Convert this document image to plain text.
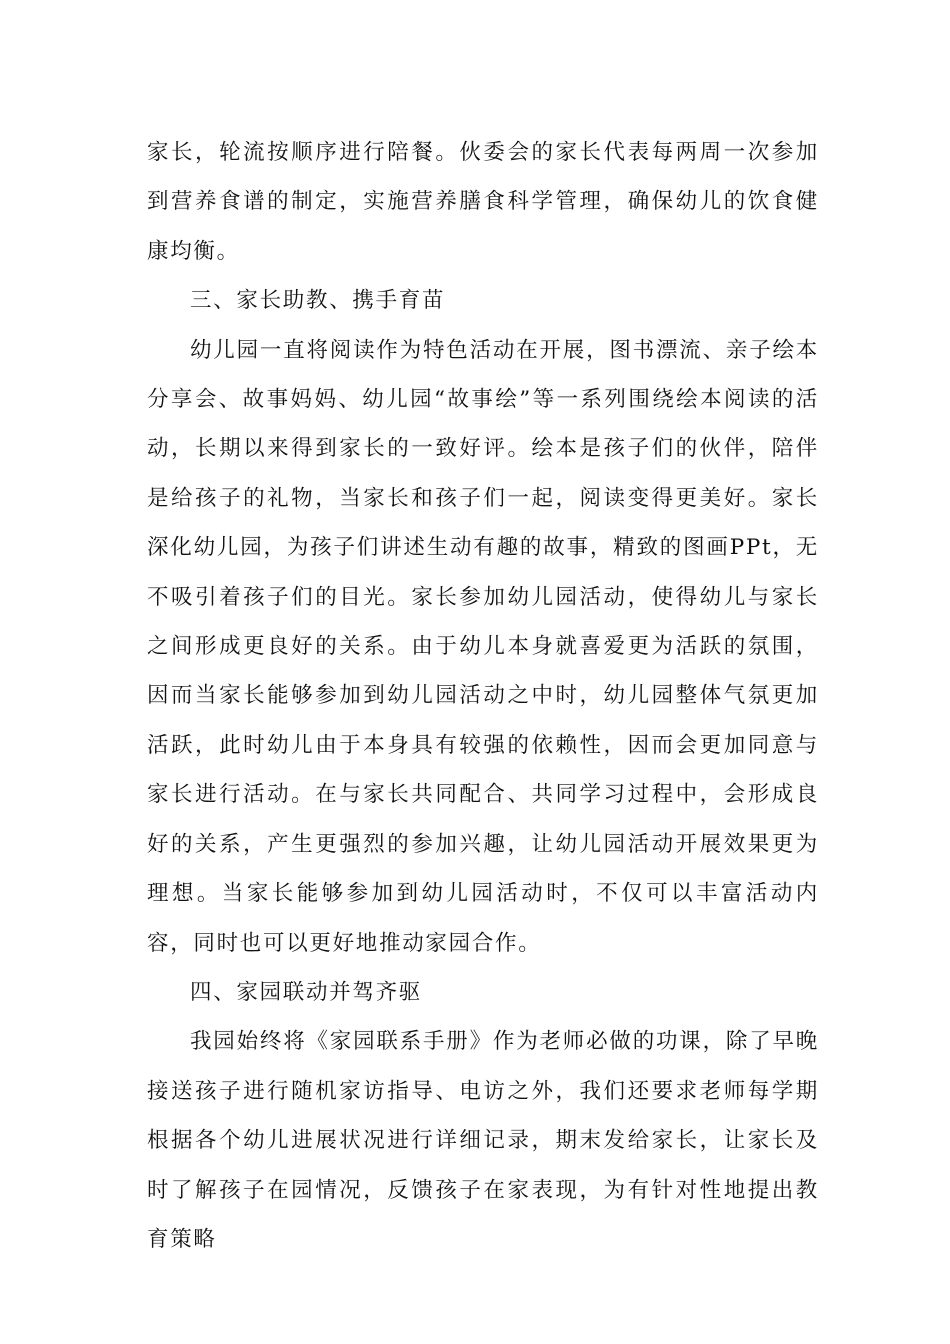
家长，轮流按顺序进行陪餐。伙委会的家长代表每两周一次参加到营养食谱的制定，实施营养膳食科学管理，确保幼儿的饮食健康均衡。

三、家长助教、携手育苗

幼儿园一直将阅读作为特色活动在开展，图书漂流、亲子绘本分享会、故事妈妈、幼儿园“故事绘”等一系列围绕绘本阅读的活动，长期以来得到家长的一致好评。绘本是孩子们的伙伴，陪伴是给孩子的礼物，当家长和孩子们一起，阅读变得更美好。家长深化幼儿园，为孩子们讲述生动有趣的故事，精致的图画PPt，无不吸引着孩子们的目光。家长参加幼儿园活动，使得幼儿与家长之间形成更良好的关系。由于幼儿本身就喜爱更为活跃的氛围，因而当家长能够参加到幼儿园活动之中时，幼儿园整体气氛更加活跃，此时幼儿由于本身具有较强的依赖性，因而会更加同意与家长进行活动。在与家长共同配合、共同学习过程中，会形成良好的关系，产生更强烈的参加兴趣，让幼儿园活动开展效果更为理想。当家长能够参加到幼儿园活动时，不仅可以丰富活动内容，同时也可以更好地推动家园合作。

四、家园联动并驾齐驱

我园始终将《家园联系手册》作为老师必做的功课，除了早晚接送孩子进行随机家访指导、电访之外，我们还要求老师每学期根据各个幼儿进展状况进行详细记录，期末发给家长，让家长及时了解孩子在园情况，反馈孩子在家表现，为有针对性地提出教育策略
